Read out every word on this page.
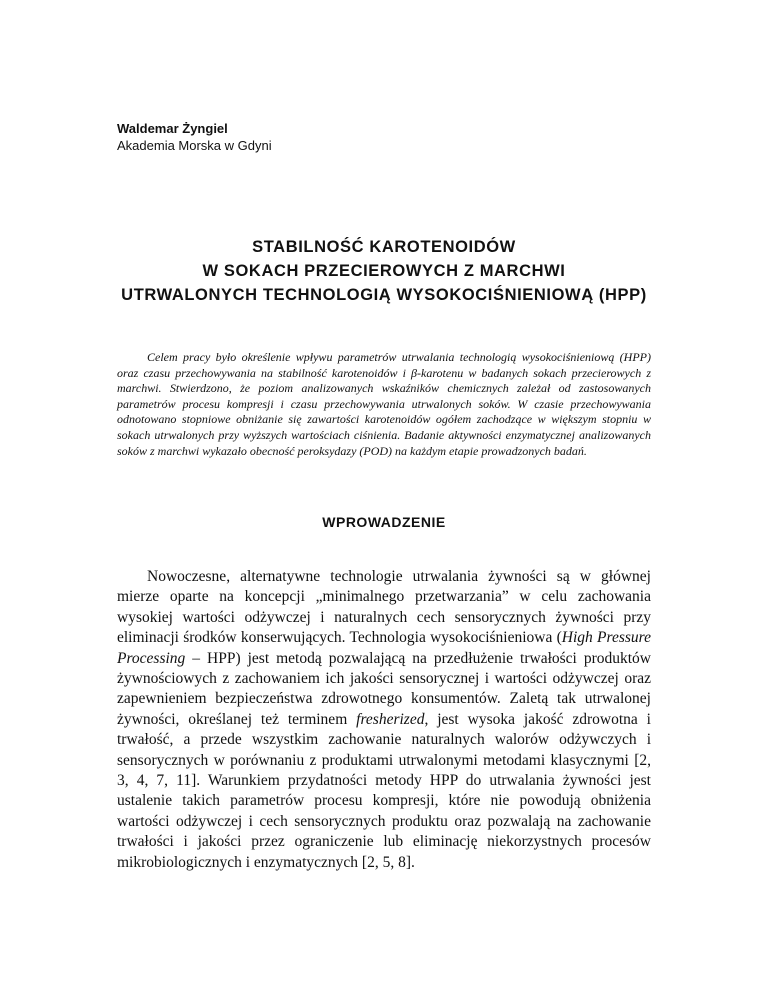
Waldemar Żyngiel
Akademia Morska w Gdyni
STABILNOŚĆ KAROTENOIDÓW
W SOKACH PRZECIEROWYCH Z MARCHWI
UTRWALONYCH TECHNOLOGIĄ WYSOKOCIŚNIENIOWĄ (HPP)
Celem pracy było określenie wpływu parametrów utrwalania technologią wysokociśnieniową (HPP) oraz czasu przechowywania na stabilność karotenoidów i β-karotenu w badanych sokach przecierowych z marchwi. Stwierdzono, że poziom analizowanych wskaźników chemicznych zależał od zastosowanych parametrów procesu kompresji i czasu przechowywania utrwalonych soków. W czasie przechowywania odnotowano stopniowe obniżanie się zawartości karotenoidów ogółem zachodzące w większym stopniu w sokach utrwalonych przy wyższych wartościach ciśnienia. Badanie aktywności enzymatycznej analizowanych soków z marchwi wykazało obecność peroksydazy (POD) na każdym etapie prowadzonych badań.
WPROWADZENIE
Nowoczesne, alternatywne technologie utrwalania żywności są w głównej mierze oparte na koncepcji „minimalnego przetwarzania” w celu zachowania wysokiej wartości odżywczej i naturalnych cech sensorycznych żywności przy eliminacji środków konserwujących. Technologia wysokociśnieniowa (High Pressure Processing – HPP) jest metodą pozwalającą na przedłużenie trwałości produktów żywnościowych z zachowaniem ich jakości sensorycznej i wartości odżywczej oraz zapewnieniem bezpieczeństwa zdrowotnego konsumentów. Zaletą tak utrwalonej żywności, określanej też terminem fresherized, jest wysoka jakość zdrowotna i trwałość, a przede wszystkim zachowanie naturalnych walorów odżywczych i sensorycznych w porównaniu z produktami utrwalonymi metodami klasycznymi [2, 3, 4, 7, 11]. Warunkiem przydatności metody HPP do utrwalania żywności jest ustalenie takich parametrów procesu kompresji, które nie powodują obniżenia wartości odżywczej i cech sensorycznych produktu oraz pozwalają na zachowanie trwałości i jakości przez ograniczenie lub eliminację niekorzystnych procesów mikrobiologicznych i enzymatycznych [2, 5, 8].
